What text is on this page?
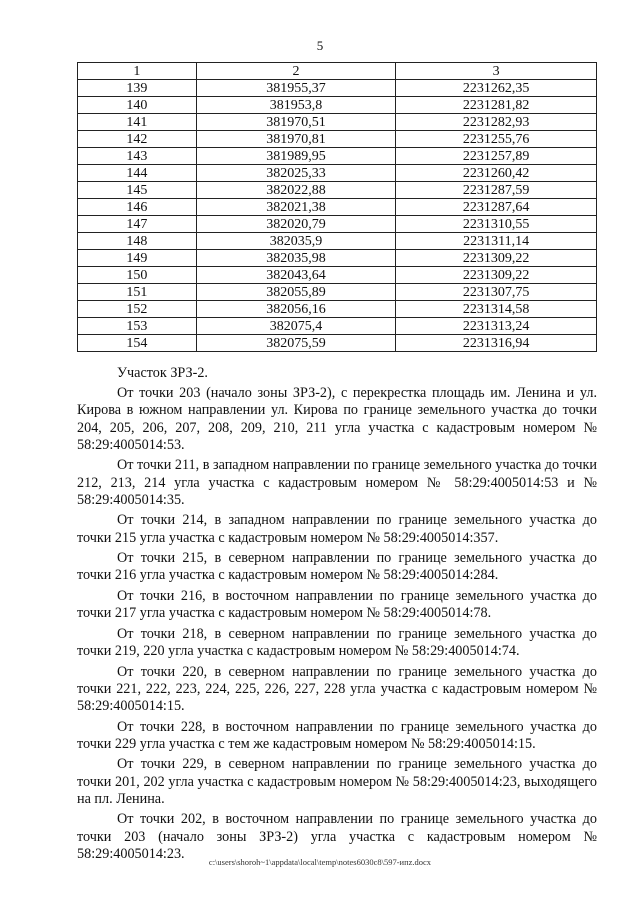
5
1	2	3
139	381955,37	2231262,35
140	381953,8	2231281,82
141	381970,51	2231282,93
142	381970,81	2231255,76
143	381989,95	2231257,89
144	382025,33	2231260,42
145	382022,88	2231287,59
146	382021,38	2231287,64
147	382020,79	2231310,55
148	382035,9	2231311,14
149	382035,98	2231309,22
150	382043,64	2231309,22
151	382055,89	2231307,75
152	382056,16	2231314,58
153	382075,4	2231313,24
154	382075,59	2231316,94

Участок ЗРЗ-2.

От точки 203 (начало зоны ЗРЗ-2), с перекрестка площадь им. Ленина и ул. Кирова в южном направлении ул. Кирова по границе земельного участка до точки 204, 205, 206, 207, 208, 209, 210, 211 угла участка с кадастровым номером № 58:29:4005014:53.

От точки 211, в западном направлении по границе земельного участка до точки 212, 213, 214 угла участка с кадастровым номером № 58:29:4005014:53 и № 58:29:4005014:35.

От точки 214, в западном направлении по границе земельного участка до точки 215 угла участка с кадастровым номером № 58:29:4005014:357.

От точки 215, в северном направлении по границе земельного участка до точки 216 угла участка с кадастровым номером № 58:29:4005014:284.

От точки 216, в восточном направлении по границе земельного участка до точки 217 угла участка с кадастровым номером № 58:29:4005014:78.

От точки 218, в северном направлении по границе земельного участка до точки 219, 220 угла участка с кадастровым номером № 58:29:4005014:74.

От точки 220, в северном направлении по границе земельного участка до точки 221, 222, 223, 224, 225, 226, 227, 228 угла участка с кадастровым номером № 58:29:4005014:15.

От точки 228, в восточном направлении по границе земельного участка до точки 229 угла участка с тем же кадастровым номером № 58:29:4005014:15.

От точки 229, в северном направлении по границе земельного участка до точки 201, 202 угла участка с кадастровым номером № 58:29:4005014:23, выходящего на пл. Ленина.

От точки 202, в восточном направлении по границе земельного участка до точки 203 (начало зоны ЗРЗ-2) угла участка с кадастровым номером № 58:29:4005014:23.

c:\users\shoroh~1\appdata\local\temp\notes6030c8\597-ипz.docx
